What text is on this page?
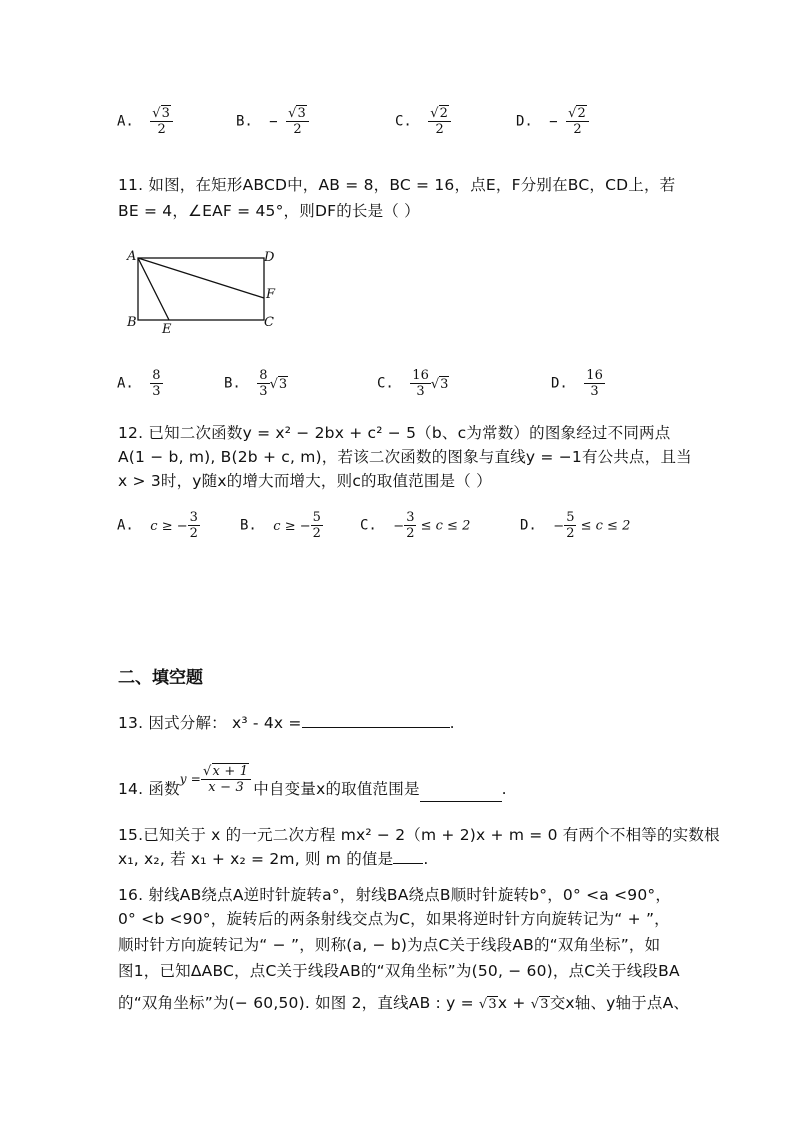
A. $\frac{√3}{2}$	B. − $\frac{√3}{2}$	C. $\frac{√2}{2}$	D. − $\frac{√2}{2}$
11. 如图，在矩形ABCD中，AB = 8，BC = 16，点E，F分别在BC，CD上，若
BE = 4，∠EAF = 45°，则DF的长是（ ）
A
B	C
D
E
F
A. $\frac{8}{3}$	B. $\frac{8}{3} √3$	C. $\frac{16}{3} √3$	D. $\frac{16}{3}$
12. 已知二次函数y = x² − 2bx + c² − 5（b、c为常数）的图象经过不同两点
A(1 − b, m), B(2b + c, m)，若该二次函数的图象与直线y = −1有公共点，且当
x > 3时，y随x的增大而增大，则c的取值范围是（ ）
A. c ≥ − $\frac{3}{2}$	B. c ≥ − $\frac{5}{2}$	C. − $\frac{3}{2} \le c \le 2$	D. − $\frac{5}{2} \le c \le 2$
二、填空题
13. 因式分解： x³ - 4x =	.
14. 函数
$y = \frac{√x + 1}{x - 3}$ 中自变量x的取值范围是	.
15.已知关于 x 的一元二次方程 mx² − 2（m + 2)x + m = 0 有两个不相等的实数根
x₁, x₂, 若 x₁ + x₂ = 2m, 则 m 的值是 .
16. 射线AB绕点A逆时针旋转a°，射线BA绕点B顺时针旋转b°，0° <a <90°，
0° <b <90°，旋转后的两条射线交点为C，如果将逆时针方向旋转记为“ + ”，
顺时针方向旋转记为“ − ”，则称(a, − b)为点C关于线段AB的“双角坐标”，如
图1，已知ΔABC，点C关于线段AB的“双角坐标”为(50, − 60)，点C关于线段BA
的“双角坐标”为(− 60,50). 如图 2，直线AB : y = √3x + √3交x轴、y轴于点A、
